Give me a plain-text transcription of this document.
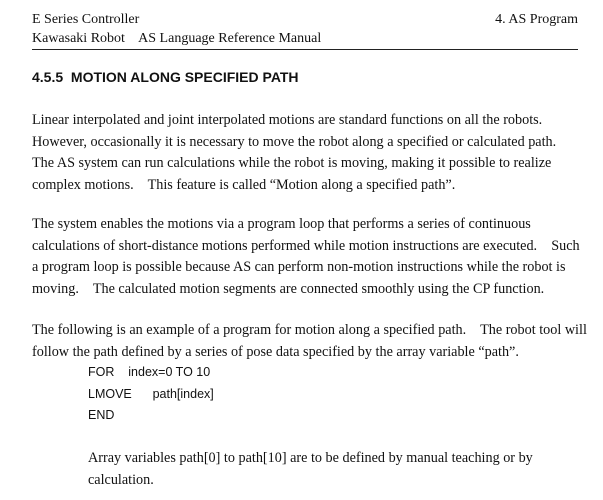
E Series Controller	4. AS Program
Kawasaki Robot    AS Language Reference Manual
4.5.5  MOTION ALONG SPECIFIED PATH

Linear interpolated and joint interpolated motions are standard functions on all the robots.
However, occasionally it is necessary to move the robot along a specified or calculated path.
The AS system can run calculations while the robot is moving, making it possible to realize
complex motions.    This feature is called “Motion along a specified path”.

The system enables the motions via a program loop that performs a series of continuous
calculations of short-distance motions performed while motion instructions are executed.    Such
a program loop is possible because AS can perform non-motion instructions while the robot is
moving.    The calculated motion segments are connected smoothly using the CP function.

The following is an example of a program for motion along a specified path.    The robot tool will
follow the path defined by a series of pose data specified by the array variable “path”.

FOR    index=0 TO 10
LMOVE      path[index]
END

Array variables path[0] to path[10] are to be defined by manual teaching or by
calculation.
